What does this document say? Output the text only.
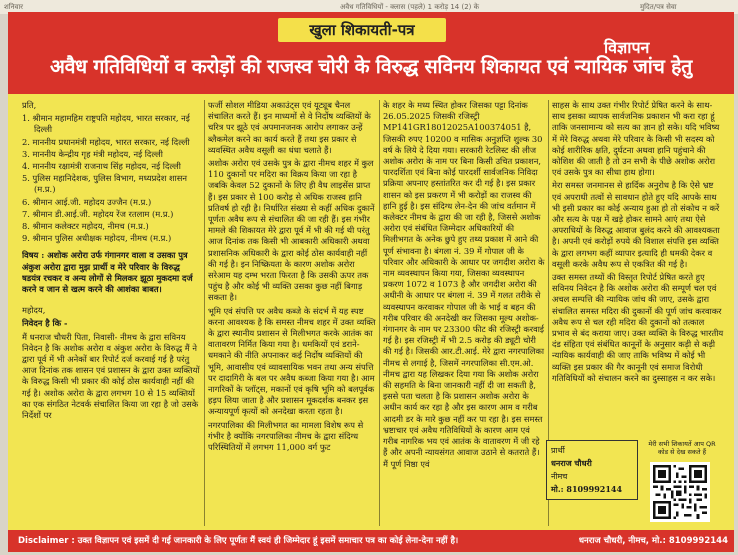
शनिवार	अवैध गतिविधियों - क्लास (पहले) 1 करोड़ 14 (2) के	मुदित/पत्र सेवा
खुला शिकायती-पत्र
विज्ञापन
अवैध गतिविधियों व करोड़ों की राजस्व चोरी के विरुद्ध सविनय शिकायत एवं न्यायिक जांच हेतु

प्रति,

1. श्रीमान महामहिम राष्ट्रपति महोदय, भारत सरकार, नई दिल्ली
2. माननीय प्रधानमंत्री महोदय, भारत सरकार, नई दिल्ली
3. माननीय केन्द्रीय गृह मंत्री महोदय, नई दिल्ली
4. माननीय रक्षामंत्री राजनाथ सिंह महोदय, नई दिल्ली
5. पुलिस महानिदेशक, पुलिस विभाग, मध्यप्रदेश शासन (म.प्र.)
6. श्रीमान आई.जी. महोदय उज्जैन (म.प्र.)
7. श्रीमान डी.आई.जी. महोदय रेंज रतलाम (म.प्र.)
8. श्रीमान कलेक्टर महोदय, नीमच (म.प्र.)
9. श्रीमान पुलिस अधीक्षक महोदय, नीमच (म.प्र.)

विषय : अशोक अरोरा उर्फ गंगानगर वाला व उसका पुत्र अंकुश अरोरा द्वारा मुझ प्रार्थी व मेरे परिवार के विरुद्ध षडयंत्र रचकर व अन्य लोगों से मिलकर झूठा मुकदमा दर्ज करने व जान से खत्म करने की आशंका बाबत।

महोदय,

निवेदन है कि -

मैं धनराज चौधरी पिता, निवासी- नीमच के द्वारा सविनय निवेदन है कि अशोक अरोरा व अंकुश अरोरा के विरुद्ध मैं ने द्वारा पूर्व में भी अनेकों बार रिपोर्ट दर्ज करवाई गई है परंतु आज दिनांक तक शासन एवं प्रशासन के द्वारा उक्त व्यक्तियों के विरुद्ध किसी भी प्रकार की कोई ठोस कार्यवाही नहीं की गई है। अशोक अरोरा के द्वारा लगभग 10 से 15 व्यक्तियों का एक संगठित नेटवर्क संचालित किया जा रहा है जो उसके निर्देशों पर

फर्जी सोशल मीडिया अकाउंट्स एवं यूट्यूब चैनल संचालित करते हैं। इन माध्यमों से वे निर्दोष व्यक्तियों के चरित्र पर झूठे एवं अपमानजनक आरोप लगाकर उन्हें ब्लैकमेल करने का कार्य करते हैं तथा इस प्रकार से व्यवस्थित अवैध वसूली का धंधा चलाते हैं।

अशोक अरोरा एवं उसके पुत्र के द्वारा नीमच शहर में कुल 110 दुकानों पर मदिरा का विक्रय किया जा रहा है जबकि केवल 52 दुकानों के लिए ही वैध लाइसेंस प्राप्त हैं। इस प्रकार से 100 करोड़ से अधिक राजस्व हानि प्रतिवर्ष हो रही है। निर्धारित संख्या से कहीं अधिक दुकानें पूर्णतः अवैध रूप से संचालित की जा रही हैं। इस गंभीर मामले की शिकायत मेरे द्वारा पूर्व में भी की गई थी परंतु आज दिनांक तक किसी भी आबकारी अधिकारी अथवा प्रशासनिक अधिकारी के द्वारा कोई ठोस कार्यवाही नहीं की गई है। इन निष्क्रियता के कारण अशोक अरोरा सरेआम यह दम्भ भरता फिरता है कि उसकी ऊपर तक पहुंच है और कोई भी व्यक्ति उसका कुछ नहीं बिगाड़ सकता है।

भूमि एवं संपत्ति पर अवैध कब्जे के संदर्भ में यह स्पष्ट करना आवश्यक है कि समस्त नीमच शहर में उक्त व्यक्ति के द्वारा स्थानीय प्रशासन से मिलीभगत करके आतंक का वातावरण निर्मित किया गया है। धमकियों एवं डराने-धमकाने की नीति अपनाकर कई निर्दोष व्यक्तियों की भूमि, आवासीय एवं व्यावसायिक भवन तथा अन्य संपत्ति पर दादागिरी के बल पर अवैध कब्जा किया गया है। आम नागरिकों के प्लॉट्स, मकानों एवं कृषि भूमि को बलपूर्वक हड़प लिया जाता है और प्रशासन मूकदर्शक बनकर इस अन्यायपूर्ण कृत्यों को अनदेखा करता रहता है।

नगरपालिका की मिलीभगत का मामला विशेष रूप से गंभीर है क्योंकि नगरपालिका नीमच के द्वारा संदिग्ध परिस्थितियों में लगभग 11,000 वर्ग फुट

के शहर के मध्य स्थित होकर जिसका पट्टा दिनांक 26.05.2025 जिसकी रजिस्ट्री MP141GR18012025A100374051 है, जिसकी रुपए 10200 व मासिक अनुज्ञप्ति शुल्क 30 वर्ष के लिये दे दिया गया। सरकारी रेटलिस्ट की लीज अशोक अरोरा के नाम पर बिना किसी उचित प्रकाशन, पारदर्शिता एवं बिना कोई पारदर्शी सार्वजनिक निविदा प्रक्रिया अपनाए हस्तांतरित कर दी गई है। इस प्रकार शासन को इस प्रकरण में भी करोड़ों का राजस्व की हानि हुई है। इस संदिग्ध लेन-देन की जांच वर्तमान में कलेक्टर नीमच के द्वारा की जा रही है, जिससे अशोक अरोरा एवं संबंधित जिम्मेदार अधिकारियों की मिलीभगत के अनेक छुपे हुए तथ्य प्रकाश में आने की पूर्ण संभावना है। बंगला नं. 39 में गोपाल जी के परिवार और अधिकारी के आधार पर जगदीश अरोरा के नाम व्यवस्थापन किया गया, जिसका व्यवस्थापन प्रकरण 1072 व 1073 है और जगदीश अरोरा की अधीनी के आधार पर बंगला नं. 39 में गलत तरीके से व्यवस्थापन करवाकर गोपाल जी के भाई व बहन की गरीब परिवार की अनदेखी कर जिसका मूल्य अशोक-गंगानगर के नाम पर 23300 फीट की रजिस्ट्री करवाई गई है। इस रजिस्ट्री में भी 2.5 करोड़ की ड्यूटी चोरी की गई है। जिसकी आर.टी.आई. मेरे द्वारा नगरपालिका नीमच से लगाई है, जिसमें नगरपालिका सी.एम.ओ. नीमच द्वारा यह लिखकर दिया गया कि अशोक अरोरा की सहमति के बिना जानकारी नहीं दी जा सकती है, इससे पता चलता है कि प्रशासन अशोक अरोरा के अधीन कार्य कर रहा है और इस कारण आम व गरीब आदमी डर के मारे कुछ नहीं कर पा रहा है। इस समस्त भ्रष्टाचार एवं अवैध गतिविधियों के कारण आम एवं गरीब नागरिक भय एवं आतंक के वातावरण में जी रहे हैं और अपनी न्यायसंगत आवाज उठाने से कतराते हैं। मैं पूर्ण निष्ठा एवं

साहस के साथ उक्त गंभीर रिपोर्ट प्रेषित करने के साथ-साथ इसका व्यापक सार्वजनिक प्रकाशन भी करा रहा हूं ताकि जनसामान्य को सत्य का ज्ञान हो सके। यदि भविष्य में मेरे विरुद्ध अथवा मेरे परिवार के किसी भी सदस्य को कोई शारीरिक क्षति, दुर्घटना अथवा हानि पहुंचाने की कोशिश की जाती है तो उन सभी के पीछे अशोक अरोरा एवं उसके पुत्र का सीधा हाथ होगा।

मेरा समस्त जनमानस से हार्दिक अनुरोध है कि ऐसे भ्रष्ट एवं अपराधी तत्वों से सावधान होते हुए यदि आपके साथ भी इसी प्रकार का कोई अन्याय हुआ हो तो संकोच न करें और सत्य के पक्ष में खड़े होकर सामने आएं तथा ऐसे अपराधियों के विरुद्ध आवाज बुलंद करने की आवश्यकता है। अपनी एवं करोड़ों रुपये की विशाल संपत्ति इस व्यक्ति के द्वारा लगभग कहीं व्यापार इत्यादि ही धमकी देकर व वसूली करके अवैध रूप से एकत्रित की गई है।

उक्त समस्त तथ्यों की विस्तृत रिपोर्ट प्रेषित करते हुए सविनय निवेदन है कि अशोक अरोरा की सम्पूर्ण चल एवं अचल सम्पत्ति की न्यायिक जांच की जाए, उसके द्वारा संचालित समस्त मदिरा की दुकानों की पूर्ण जांच करवाकर अवैध रूप से चल रही मदिरा की दुकानों को तत्काल प्रभाव से बंद कराया जाए। उक्त व्यक्ति के विरुद्ध भारतीय दंड संहिता एवं संबंधित कानूनों के अनुसार कड़ी से कड़ी न्यायिक कार्यवाही की जाए ताकि भविष्य में कोई भी व्यक्ति इस प्रकार की गैर कानूनी एवं समाज विरोधी गतिविधियों को संचालन करने का दुस्साहस न कर सके।

प्रार्थी
धनराज चौधरी
नीमच
मो.: 8109992144
मेरी सभी शिकायतें आप QR कोड से देख सकते हैं
Disclaimer : उक्त विज्ञापन एवं इसमें दी गई जानकारी के लिए पूर्णतः मैं स्वयं ही जिम्मेदार हूं इसमें समाचार पत्र का कोई लेना-देना नहीं है।	धनराज चौधरी, नीमच, मो.: 8109992144
